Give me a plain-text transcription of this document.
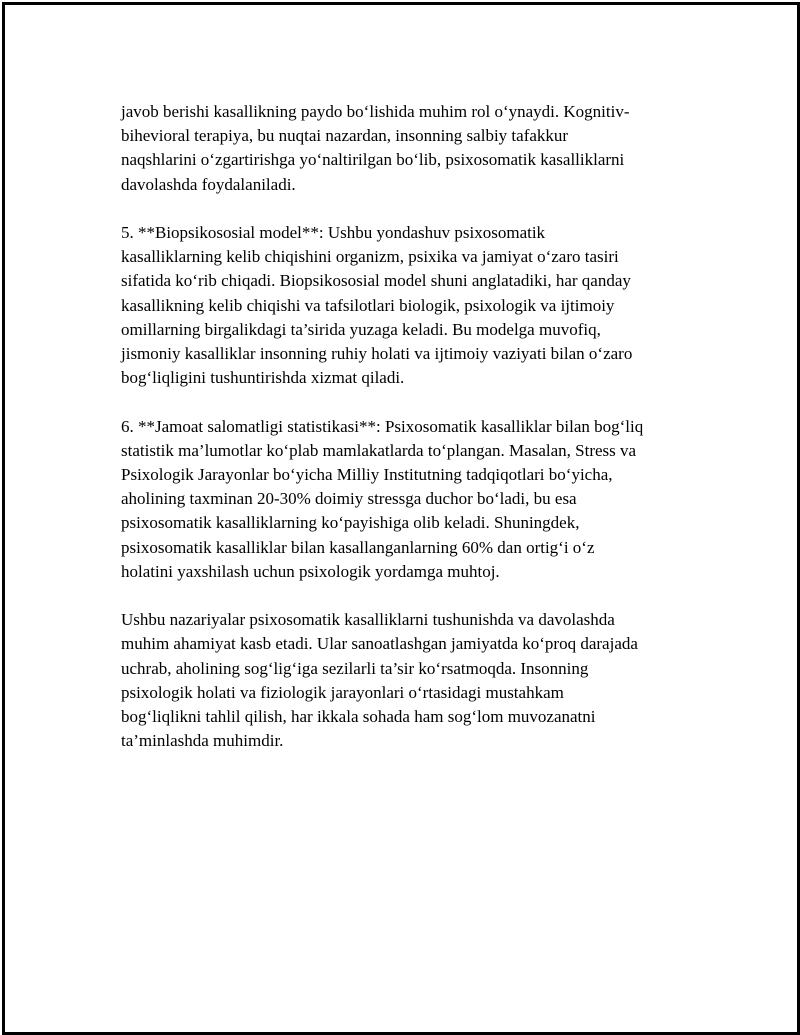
javob berishi kasallikning paydo bo‘lishida muhim rol o‘ynaydi. Kognitiv-
bihevioral terapiya, bu nuqtai nazardan, insonning salbiy tafakkur
naqshlarini o‘zgartirishga yo‘naltirilgan bo‘lib, psixosomatik kasalliklarni
davolashda foydalaniladi.

5. **Biopsikososial model**: Ushbu yondashuv psixosomatik
kasalliklarning kelib chiqishini organizm, psixika va jamiyat o‘zaro tasiri
sifatida ko‘rib chiqadi. Biopsikososial model shuni anglatadiki, har qanday
kasallikning kelib chiqishi va tafsilotlari biologik, psixologik va ijtimoiy
omillarning birgalikdagi ta’sirida yuzaga keladi. Bu modelga muvofiq,
jismoniy kasalliklar insonning ruhiy holati va ijtimoiy vaziyati bilan o‘zaro
bog‘liqligini tushuntirishda xizmat qiladi.

6. **Jamoat salomatligi statistikasi**: Psixosomatik kasalliklar bilan bog‘liq
statistik ma’lumotlar ko‘plab mamlakatlarda to‘plangan. Masalan, Stress va
Psixologik Jarayonlar bo‘yicha Milliy Institutning tadqiqotlari bo‘yicha,
aholining taxminan 20-30% doimiy stressga duchor bo‘ladi, bu esa
psixosomatik kasalliklarning ko‘payishiga olib keladi. Shuningdek,
psixosomatik kasalliklar bilan kasallanganlarning 60% dan ortig‘i o‘z
holatini yaxshilash uchun psixologik yordamga muhtoj.

Ushbu nazariyalar psixosomatik kasalliklarni tushunishda va davolashda
muhim ahamiyat kasb etadi. Ular sanoatlashgan jamiyatda ko‘proq darajada
uchrab, aholining sog‘lig‘iga sezilarli ta’sir ko‘rsatmoqda. Insonning
psixologik holati va fiziologik jarayonlari o‘rtasidagi mustahkam
bog‘liqlikni tahlil qilish, har ikkala sohada ham sog‘lom muvozanatni
ta’minlashda muhimdir.
